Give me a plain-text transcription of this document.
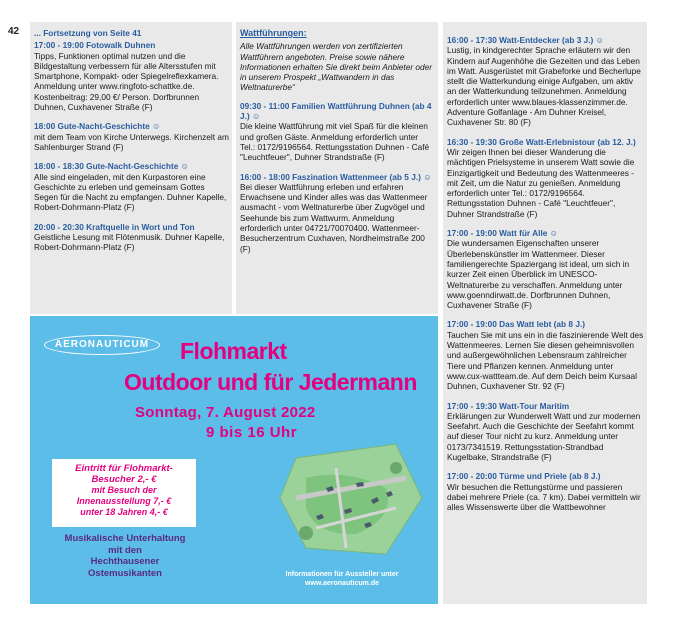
42 ... Fortsetzung von Seite 41
17:00 - 19:00 Fotowalk Duhnen
Tipps, Funktionen optimal nutzen und die Bildgestaltung verbessern für alle Altersstufen mit Smartphone, Kompakt- oder Spiegelreflexkamera. Anmeldung unter www.ringfoto-schattke.de. Kostenbeitrag: 29,00 €/ Person. Dorfbrunnen Duhnen, Cuxhavener Straße (F)
18:00 Gute-Nacht-Geschichte ☺
mit dem Team von Kirche Unterwegs. Kirchenzelt am Sahlenburger Strand (F)
18:00 - 18:30 Gute-Nacht-Geschichte ☺
Alle sind eingeladen, mit den Kurpastoren eine Geschichte zu erleben und gemeinsam Gottes Segen für die Nacht zu empfangen. Duhner Kapelle, Robert-Dohrmann-Platz (F)
20:00 - 20:30 Kraftquelle in Wort und Ton
Geistliche Lesung mit Flötenmusik. Duhner Kapelle, Robert-Dohrmann-Platz (F)
Wattführungen:
Alle Wattführungen werden von zertifizierten Wattführern angeboten. Preise sowie nähere Informationen erhalten Sie direkt beim Anbieter oder in unserem Prospekt „Wattwandern in das Weltnaturerbe“
09:30 - 11:00 Familien Wattführung Duhnen (ab 4 J.) ☺
Die kleine Wattführung mit viel Spaß für die kleinen und großen Gäste. Anmeldung erforderlich unter Tel.: 0172/9196564. Rettungsstation Duhnen - Café "Leuchtfeuer", Duhner Strandstraße (F)
16:00 - 18:00 Faszination Wattenmeer (ab 5 J.) ☺
Bei dieser Wattführung erleben und erfahren Erwachsene und Kinder alles was das Wattenmeer ausmacht - vom Weltnaturerbe über Zugvögel und Seehunde bis zum Wattwurm. Anmeldung erforderlich unter 04721/70070400. Wattenmeer-Besucherzentrum Cuxhaven, Nordheimstraße 200 (F)
16:00 - 17:30 Watt-Entdecker (ab 3 J.) ☺
Lustig, in kindgerechter Sprache erläutern wir den Kindern auf Augenhöhe die Gezeiten und das Leben im Watt. Ausgerüstet mit Grabeforke und Becherlupe stellt die Watterkundung einige Aufgaben, um aktiv an der Watterkundung teilzunehmen. Anmeldung erforderlich unter www.blaues-klassenzimmer.de. Adventure Golfanlage - Am Duhner Kreisel, Cuxhavener Str. 80 (F)
16:30 - 19:30 Große Watt-Erlebnistour (ab 12. J.)
Wir zeigen Ihnen bei dieser Wanderung die mächtigen Prielsysteme in unserem Watt sowie die Einzigartigkeit und Bedeutung des Wattenmeeres - mit Zeit, um die Natur zu genießen. Anmeldung erforderlich unter Tel.: 0172/9196564. Rettungsstation Duhnen - Café "Leuchtfeuer", Duhner Strandstraße (F)
17:00 - 19:00 Watt für Alle ☺
Die wundersamen Eigenschaften unserer Überlebenskünstler im Wattenmeer. Dieser familiengerechte Spaziergang ist ideal, um sich in kurzer Zeit einen Überblick im UNESCO-Weltnaturerbe zu verschaffen. Anmeldung unter www.goenndirwatt.de. Dorfbrunnen Duhnen, Cuxhavener Straße (F)
17:00 - 19:00 Das Watt lebt (ab 8 J.)
Tauchen Sie mit uns ein in die faszinierende Welt des Wattenmeeres. Lernen Sie diesen geheimnisvollen und außergewöhnlichen Lebensraum zahlreicher Tiere und Pflanzen kennen. Anmeldung unter www.cux-wattteam.de. Auf dem Deich beim Kursaal Duhnen, Cuxhavener Str. 92 (F)
17:00 - 19:30 Watt-Tour Maritim
Erklärungen zur Wunderwelt Watt und zur modernen Seefahrt. Auch die Geschichte der Seefahrt kommt auf dieser Tour nicht zu kurz. Anmeldung unter 0173/7341519. Rettungsstation-Strandbad Kugelbake, Strandstraße (F)
17:00 - 20:00 Türme und Priele (ab 8 J.)
Wir besuchen die Rettungstürme und passieren dabei mehrere Priele (ca. 7 km). Dabei vermitteln wir alles Wissenswerte über die Wattbewohner
AERONAUTICUM	Flohmarkt
Outdoor und für Jedermann
Sonntag, 7. August 2022
9 bis 16 Uhr
Eintritt für Flohmarkt-
Besucher 2,- €
mit Besuch der
Innenausstellung 7,- €
unter 18 Jahren 4,- €
Musikalische Unterhaltung
mit den
Hechthausener
Ostemusikanten	Informationen für Aussteller unter
www.aeronauticum.de
